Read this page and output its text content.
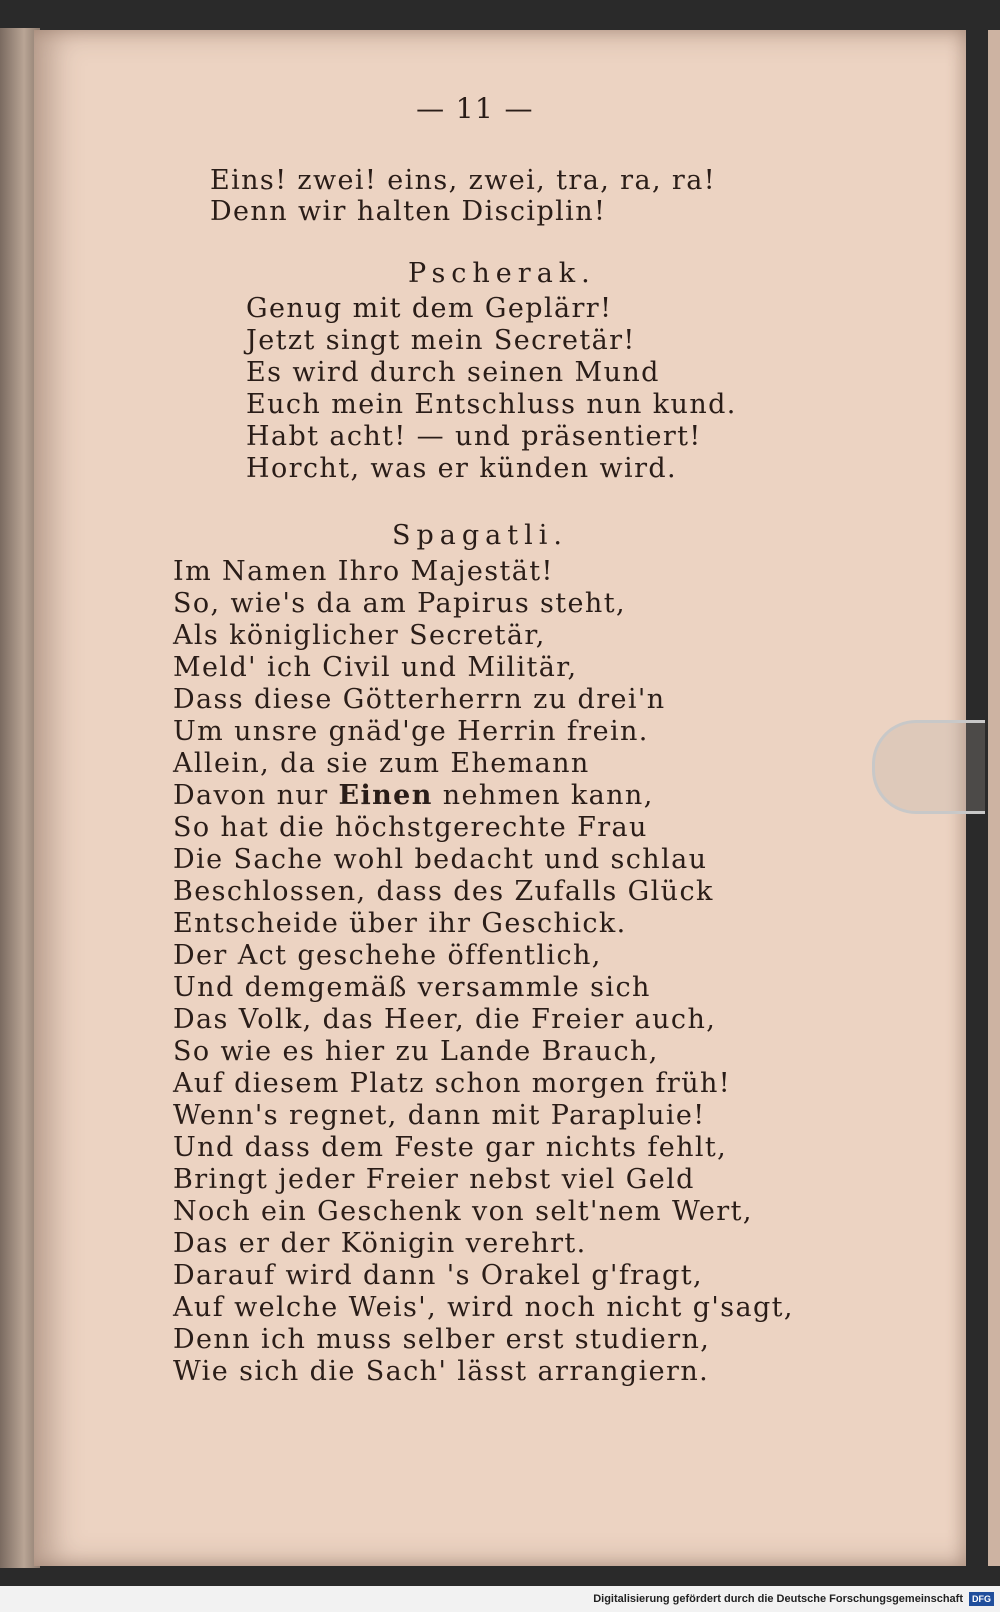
— 11 —
Eins! zwei! eins, zwei, tra, ra, ra!
Denn wir halten Disciplin!
Pscherak.
Genug mit dem Geplärr!
Jetzt singt mein Secretär!
Es wird durch seinen Mund
Euch mein Entschluss nun kund.
Habt acht! — und präsentiert!
Horcht, was er künden wird.
Spagatli.
Im Namen Ihro Majestät!
So, wie's da am Papirus steht,
Als königlicher Secretär,
Meld' ich Civil und Militär,
Dass diese Götterherrn zu drei'n
Um unsre gnäd'ge Herrin frein.
Allein, da sie zum Ehemann
Davon nur Einen nehmen kann,
So hat die höchstgerechte Frau
Die Sache wohl bedacht und schlau
Beschlossen, dass des Zufalls Glück
Entscheide über ihr Geschick.
Der Act geschehe öffentlich,
Und demgemäß versammle sich
Das Volk, das Heer, die Freier auch,
So wie es hier zu Lande Brauch,
Auf diesem Platz schon morgen früh!
Wenn's regnet, dann mit Parapluie!
Und dass dem Feste gar nichts fehlt,
Bringt jeder Freier nebst viel Geld
Noch ein Geschenk von selt'nem Wert,
Das er der Königin verehrt.
Darauf wird dann 's Orakel g'fragt,
Auf welche Weis', wird noch nicht g'sagt,
Denn ich muss selber erst studiern,
Wie sich die Sach' lässt arrangiern.
Digitalisierung gefördert durch die Deutsche Forschungsgemeinschaft DFG
